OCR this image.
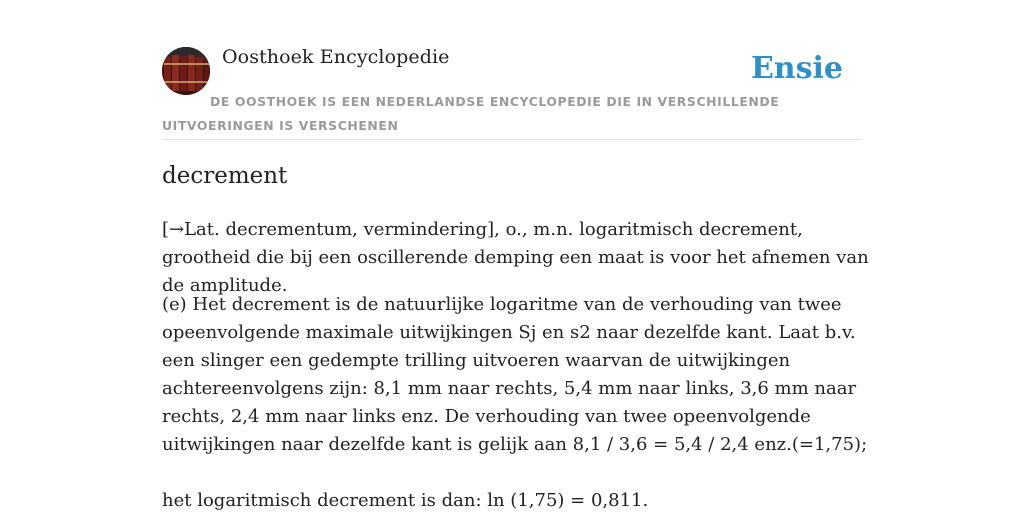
Oosthoek Encyclopedie	Ensie
DE OOSTHOEK IS EEN NEDERLANDSE ENCYCLOPEDIE DIE IN VERSCHILLENDE UITVOERINGEN IS VERSCHENEN
decrement

[→Lat. decrementum, vermindering], o., m.n. logaritmisch decrement, grootheid die bij een oscillerende demping een maat is voor het afnemen van de amplitude.

(e) Het decrement is de natuurlijke logaritme van de verhouding van twee opeenvolgende maximale uitwijkingen Sj en s2 naar dezelfde kant. Laat b.v. een slinger een gedempte trilling uitvoeren waarvan de uitwijkingen achtereenvolgens zijn: 8,1 mm naar rechts, 5,4 mm naar links, 3,6 mm naar rechts, 2,4 mm naar links enz. De verhouding van twee opeenvolgende uitwijkingen naar dezelfde kant is gelijk aan 8,1 / 3,6 = 5,4 / 2,4 enz.(=1,75);

het logaritmisch decrement is dan: ln (1,75) = 0,811.
